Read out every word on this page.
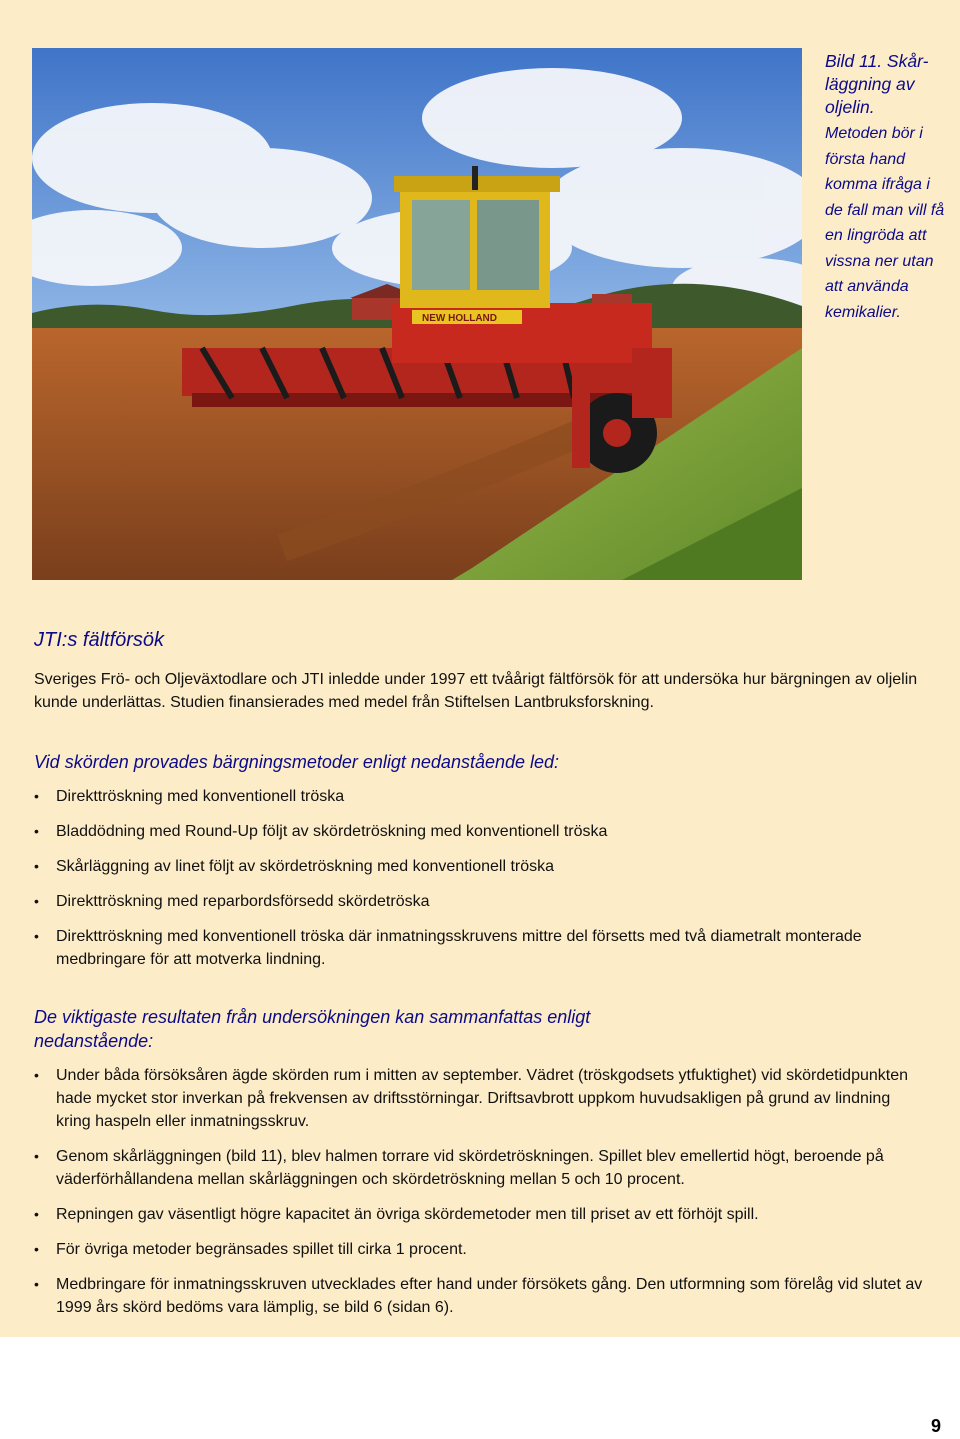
NEW HOLLAND
Bild 11. Skår-läggning av oljelin.
Metoden bör i första hand komma ifråga i de fall man vill få en lingröda att vissna ner utan att använda kemikalier.
JTI:s fältförsök
Sveriges Frö- och Oljeväxtodlare och JTI inledde under 1997 ett tvåårigt fältförsök för att undersöka hur bärgningen av oljelin kunde underlättas. Studien finansierades med medel från Stiftelsen Lantbruksforskning.
Vid skörden provades bärgningsmetoder enligt nedanstående led:
• Direkttröskning med konventionell tröska
• Bladdödning med Round-Up följt av skördetröskning med konventionell tröska
• Skårläggning av linet följt av skördetröskning med konventionell tröska
• Direkttröskning med reparbordsförsedd skördetröska
• Direkttröskning med konventionell tröska där inmatningsskruvens mittre del försetts med två diametralt monterade medbringare för att motverka lindning.
De viktigaste resultaten från undersökningen kan sammanfattas enligt nedanstående:
• Under båda försöksåren ägde skörden rum i mitten av september. Vädret (tröskgodsets ytfuktighet) vid skördetidpunkten hade mycket stor inverkan på frekvensen av driftsstörningar. Driftsavbrott uppkom huvudsakligen på grund av lindning kring haspeln eller inmatningsskruv.
• Genom skårläggningen (bild 11), blev halmen torrare vid skördetröskningen. Spillet blev emellertid högt, beroende på väderförhållandena mellan skårläggningen och skördetröskning mellan 5 och 10 procent.
• Repningen gav väsentligt högre kapacitet än övriga skördemetoder men till priset av ett förhöjt spill.
• För övriga metoder begränsades spillet till cirka 1 procent.
• Medbringare för inmatningsskruven utvecklades efter hand under försökets gång. Den utformning som förelåg vid slutet av 1999 års skörd bedöms vara lämplig, se bild 6 (sidan 6).
9
